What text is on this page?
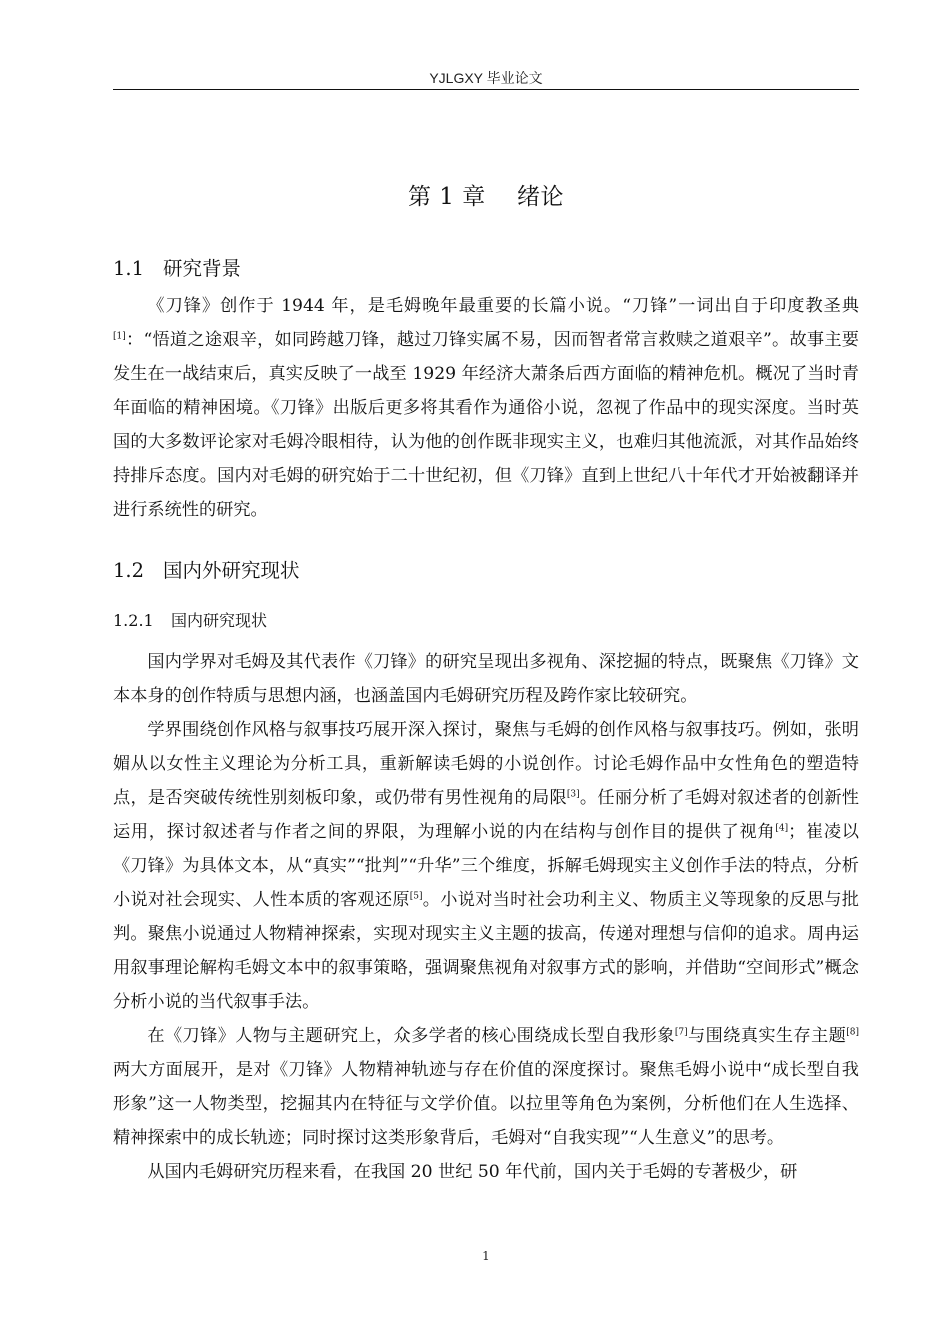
YJLGXY 毕业论文
第 1 章    绪论
1.1 研究背景

《刀锋》创作于 1944 年，是毛姆晚年最重要的长篇小说。“刀锋”一词出自于印度教圣典[1]：“悟道之途艰辛，如同跨越刀锋，越过刀锋实属不易，因而智者常言救赎之道艰辛”。故事主要发生在一战结束后，真实反映了一战至 1929 年经济大萧条后西方面临的精神危机。概况了当时青年面临的精神困境。《刀锋》出版后更多将其看作为通俗小说，忽视了作品中的现实深度。当时英国的大多数评论家对毛姆冷眼相待，认为他的创作既非现实主义，也难归其他流派，对其作品始终持排斥态度。国内对毛姆的研究始于二十世纪初，但《刀锋》直到上世纪八十年代才开始被翻译并进行系统性的研究。

1.2 国内外研究现状
1.2.1 国内研究现状

国内学界对毛姆及其代表作《刀锋》的研究呈现出多视角、深挖掘的特点，既聚焦《刀锋》文本本身的创作特质与思想内涵，也涵盖国内毛姆研究历程及跨作家比较研究。

学界围绕创作风格与叙事技巧展开深入探讨，聚焦与毛姆的创作风格与叙事技巧。例如，张明媚从以女性主义理论为分析工具，重新解读毛姆的小说创作。讨论毛姆作品中女性角色的塑造特点，是否突破传统性别刻板印象，或仍带有男性视角的局限[3]。任丽分析了毛姆对叙述者的创新性运用，探讨叙述者与作者之间的界限，为理解小说的内在结构与创作目的提供了视角[4]；崔凌以《刀锋》为具体文本，从“真实”“批判”“升华”三个维度，拆解毛姆现实主义创作手法的特点，分析小说对社会现实、人性本质的客观还原[5]。小说对当时社会功利主义、物质主义等现象的反思与批判。聚焦小说通过人物精神探索，实现对现实主义主题的拔高，传递对理想与信仰的追求。周冉运用叙事理论解构毛姆文本中的叙事策略，强调聚焦视角对叙事方式的影响，并借助“空间形式”概念分析小说的当代叙事手法。

在《刀锋》人物与主题研究上，众多学者的核心围绕成长型自我形象[7]与围绕真实生存主题[8]两大方面展开，是对《刀锋》人物精神轨迹与存在价值的深度探讨。聚焦毛姆小说中“成长型自我形象”这一人物类型，挖掘其内在特征与文学价值。以拉里等角色为案例，分析他们在人生选择、精神探索中的成长轨迹；同时探讨这类形象背后，毛姆对“自我实现”“人生意义”的思考。

从国内毛姆研究历程来看，在我国 20 世纪 50 年代前，国内关于毛姆的专著极少，研

1
